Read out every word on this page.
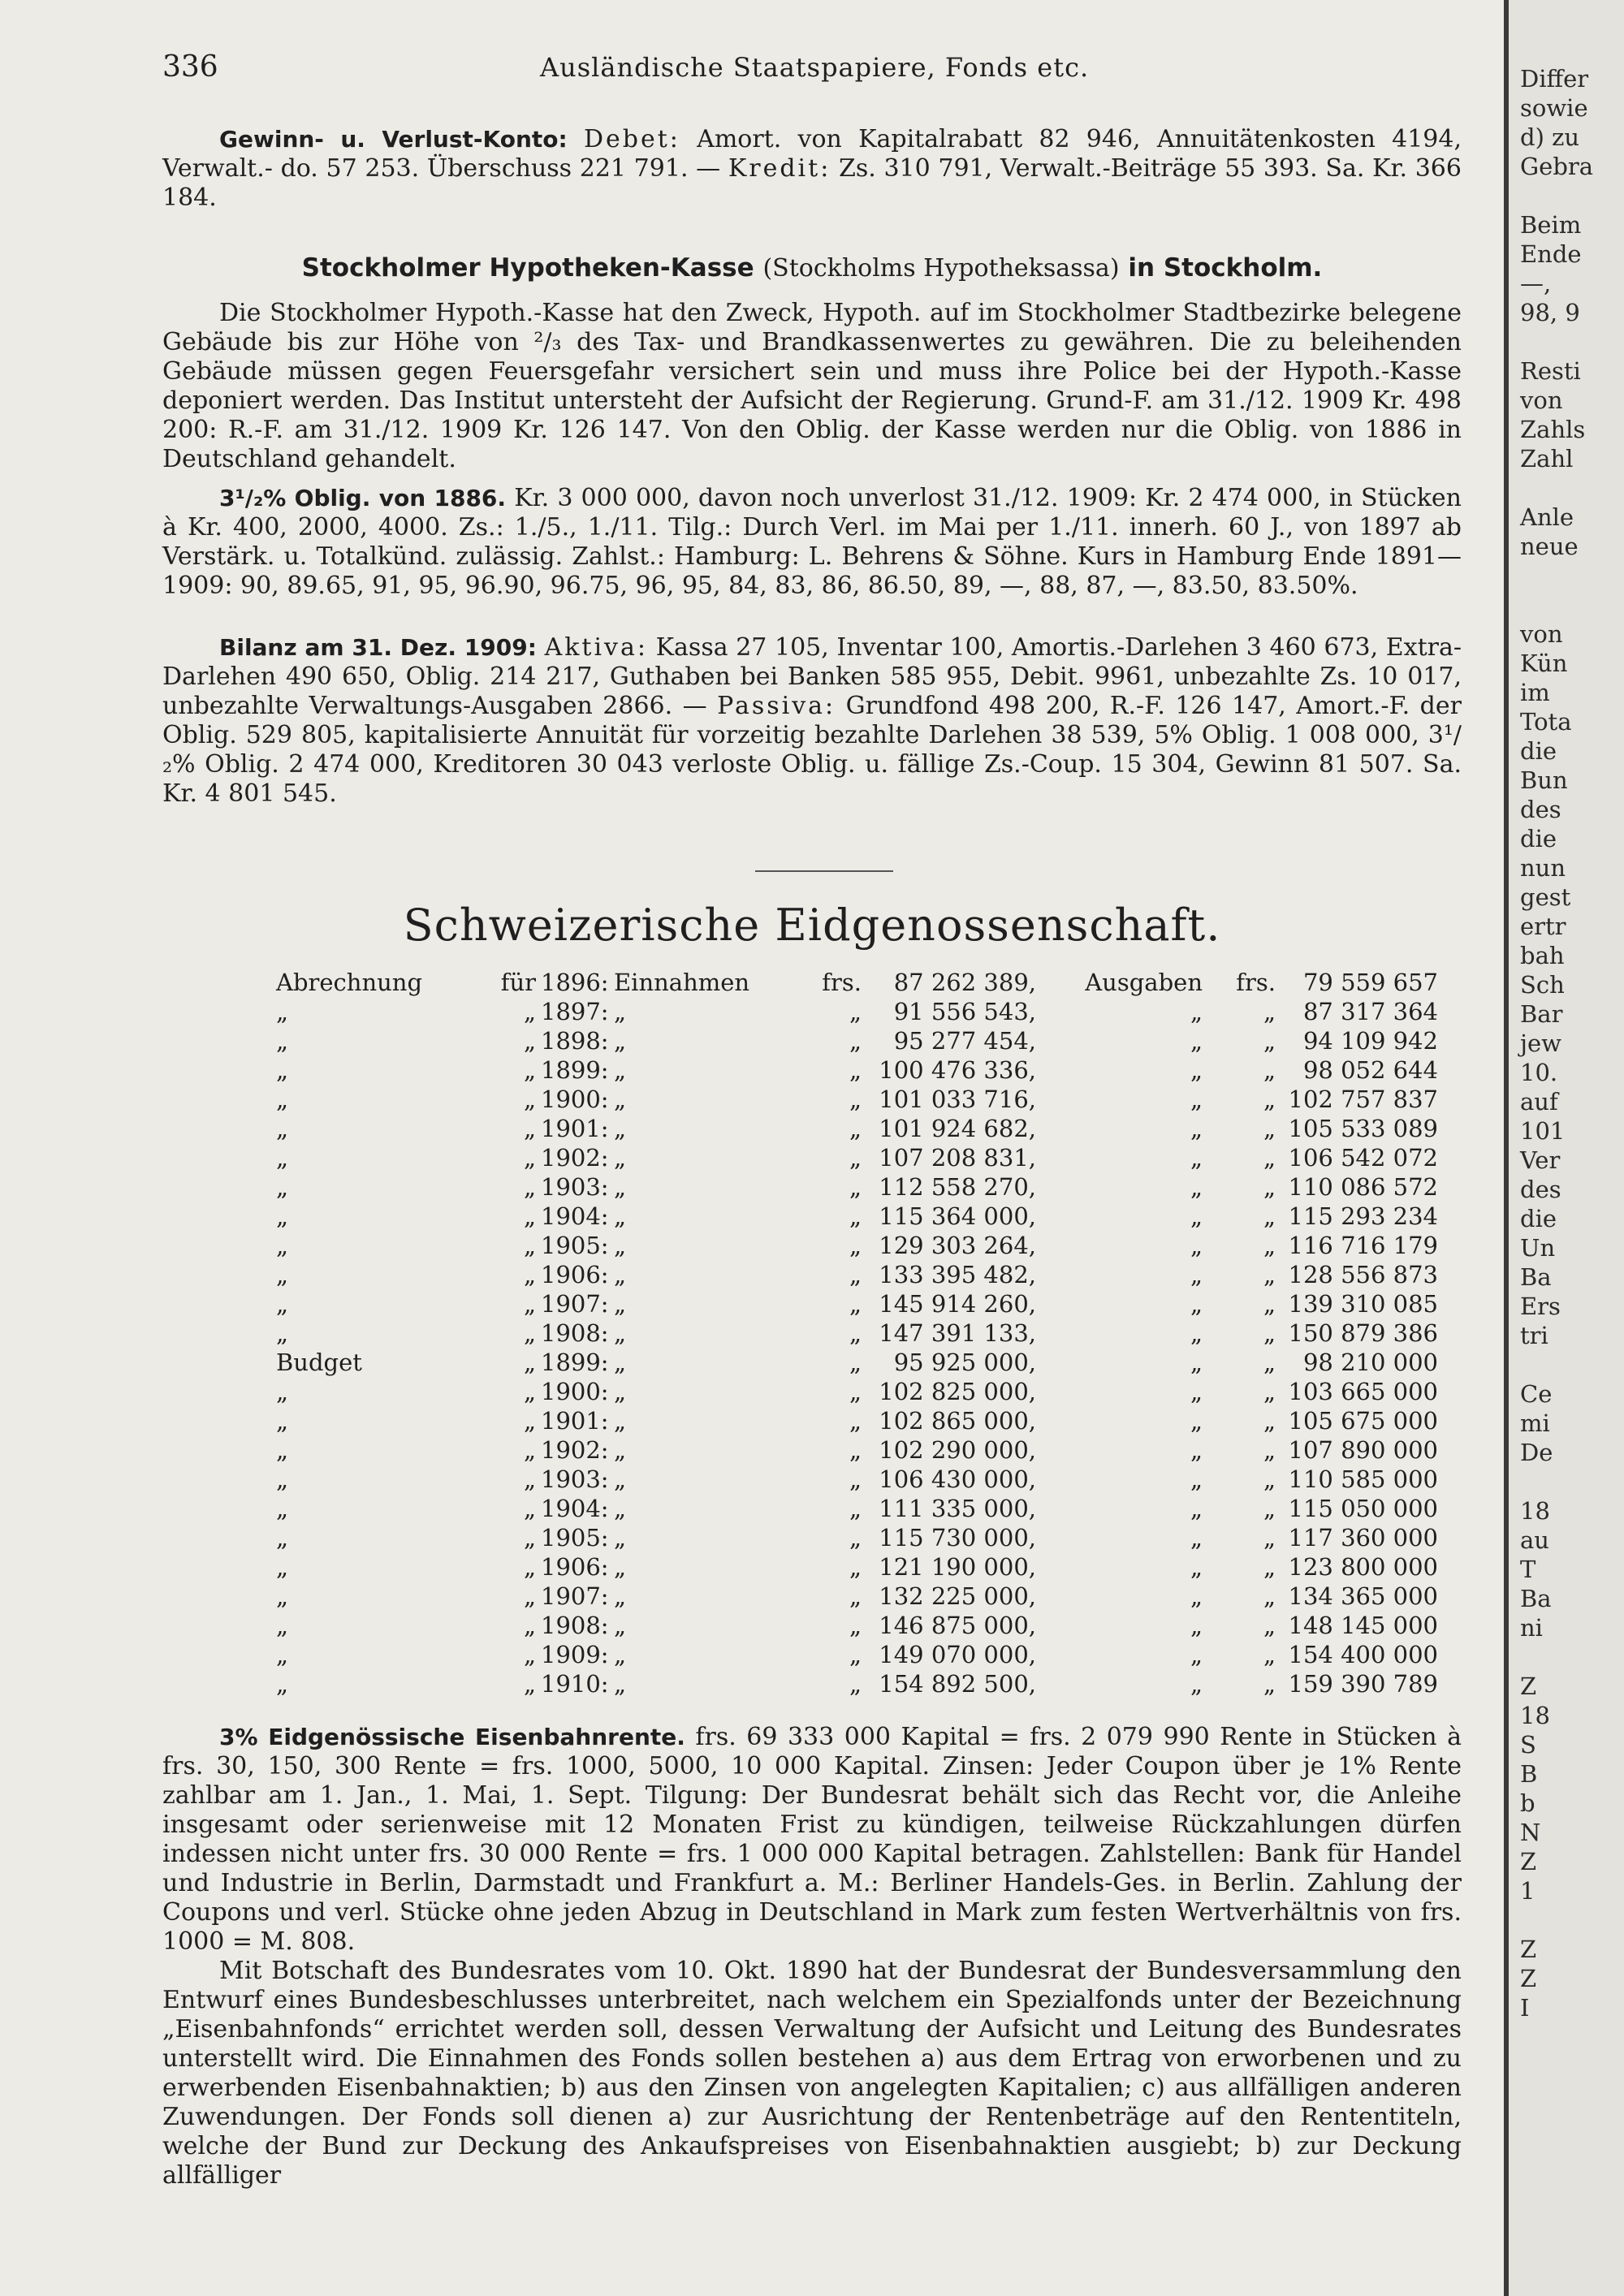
336	Ausländische Staatspapiere, Fonds etc.

Gewinn- u. Verlust-Konto: Debet: Amort. von Kapitalrabatt 82 946, Annuitätenkosten 4194, Verwalt.- do. 57 253. Überschuss 221 791. — Kredit: Zs. 310 791, Verwalt.-Beiträge 55 393. Sa. Kr. 366 184.

Stockholmer Hypotheken-Kasse (Stockholms Hypotheksassa) in Stockholm.

Die Stockholmer Hypoth.-Kasse hat den Zweck, Hypoth. auf im Stockholmer Stadtbezirke belegene Gebäude bis zur Höhe von ²/₃ des Tax- und Brandkassenwertes zu gewähren. Die zu beleihenden Gebäude müssen gegen Feuersgefahr versichert sein und muss ihre Police bei der Hypoth.-Kasse deponiert werden. Das Institut untersteht der Aufsicht der Regierung. Grund-F. am 31./12. 1909 Kr. 498 200: R.-F. am 31./12. 1909 Kr. 126 147. Von den Oblig. der Kasse werden nur die Oblig. von 1886 in Deutschland gehandelt.

3¹/₂% Oblig. von 1886. Kr. 3 000 000, davon noch unverlost 31./12. 1909: Kr. 2 474 000, in Stücken à Kr. 400, 2000, 4000. Zs.: 1./5., 1./11. Tilg.: Durch Verl. im Mai per 1./11. innerh. 60 J., von 1897 ab Verstärk. u. Totalkünd. zulässig. Zahlst.: Hamburg: L. Behrens & Söhne. Kurs in Hamburg Ende 1891—1909: 90, 89.65, 91, 95, 96.90, 96.75, 96, 95, 84, 83, 86, 86.50, 89, —, 88, 87, —, 83.50, 83.50%.

Bilanz am 31. Dez. 1909: Aktiva: Kassa 27 105, Inventar 100, Amortis.-Darlehen 3 460 673, Extra-Darlehen 490 650, Oblig. 214 217, Guthaben bei Banken 585 955, Debit. 9961, unbezahlte Zs. 10 017, unbezahlte Verwaltungs-Ausgaben 2866. — Passiva: Grundfond 498 200, R.-F. 126 147, Amort.-F. der Oblig. 529 805, kapitalisierte Annuität für vorzeitig bezahlte Darlehen 38 539, 5% Oblig. 1 008 000, 3¹/₂% Oblig. 2 474 000, Kreditoren 30 043 verloste Oblig. u. fällige Zs.-Coup. 15 304, Gewinn 81 507. Sa. Kr. 4 801 545.

Schweizerische Eidgenossenschaft.
Abrechnung	für	1896:	Einnahmen	frs.	87 262 389,	Ausgaben	frs.	79 559 657
„	„	1897:	„	„	91 556 543,	„	„	87 317 364
„	„	1898:	„	„	95 277 454,	„	„	94 109 942
„	„	1899:	„	„	100 476 336,	„	„	98 052 644
„	„	1900:	„	„	101 033 716,	„	„	102 757 837
„	„	1901:	„	„	101 924 682,	„	„	105 533 089
„	„	1902:	„	„	107 208 831,	„	„	106 542 072
„	„	1903:	„	„	112 558 270,	„	„	110 086 572
„	„	1904:	„	„	115 364 000,	„	„	115 293 234
„	„	1905:	„	„	129 303 264,	„	„	116 716 179
„	„	1906:	„	„	133 395 482,	„	„	128 556 873
„	„	1907:	„	„	145 914 260,	„	„	139 310 085
„	„	1908:	„	„	147 391 133,	„	„	150 879 386
Budget	„	1899:	„	„	95 925 000,	„	„	98 210 000
„	„	1900:	„	„	102 825 000,	„	„	103 665 000
„	„	1901:	„	„	102 865 000,	„	„	105 675 000
„	„	1902:	„	„	102 290 000,	„	„	107 890 000
„	„	1903:	„	„	106 430 000,	„	„	110 585 000
„	„	1904:	„	„	111 335 000,	„	„	115 050 000
„	„	1905:	„	„	115 730 000,	„	„	117 360 000
„	„	1906:	„	„	121 190 000,	„	„	123 800 000
„	„	1907:	„	„	132 225 000,	„	„	134 365 000
„	„	1908:	„	„	146 875 000,	„	„	148 145 000
„	„	1909:	„	„	149 070 000,	„	„	154 400 000
„	„	1910:	„	„	154 892 500,	„	„	159 390 789

3% Eidgenössische Eisenbahnrente. frs. 69 333 000 Kapital = frs. 2 079 990 Rente in Stücken à frs. 30, 150, 300 Rente = frs. 1000, 5000, 10 000 Kapital. Zinsen: Jeder Coupon über je 1% Rente zahlbar am 1. Jan., 1. Mai, 1. Sept. Tilgung: Der Bundesrat behält sich das Recht vor, die Anleihe insgesamt oder serienweise mit 12 Monaten Frist zu kündigen, teilweise Rückzahlungen dürfen indessen nicht unter frs. 30 000 Rente = frs. 1 000 000 Kapital betragen. Zahlstellen: Bank für Handel und Industrie in Berlin, Darmstadt und Frankfurt a. M.: Berliner Handels-Ges. in Berlin. Zahlung der Coupons und verl. Stücke ohne jeden Abzug in Deutschland in Mark zum festen Wertverhältnis von frs. 1000 = M. 808.

Mit Botschaft des Bundesrates vom 10. Okt. 1890 hat der Bundesrat der Bundesversammlung den Entwurf eines Bundesbeschlusses unterbreitet, nach welchem ein Spezialfonds unter der Bezeichnung „Eisenbahnfonds“ errichtet werden soll, dessen Verwaltung der Aufsicht und Leitung des Bundesrates unterstellt wird. Die Einnahmen des Fonds sollen bestehen a) aus dem Ertrag von erworbenen und zu erwerbenden Eisenbahnaktien; b) aus den Zinsen von angelegten Kapitalien; c) aus allfälligen anderen Zuwendungen. Der Fonds soll dienen a) zur Ausrichtung der Rentenbeträge auf den Rententiteln, welche der Bund zur Deckung des Ankaufspreises von Eisenbahnaktien ausgiebt; b) zur Deckung allfälliger

Differ
sowie
d) zu
Gebra
Beim
Ende
—,
98, 9
Resti
von
Zahls
Zahl
Anle
neue
von
Kün
im
Tota
die
Bun
des
die
nun
gest
ertr
bah
Sch
Bar
jew
10.
auf
101
Ver
des
die
Un
Ba
Ers
tri
Ce
mi
De
18
au
T
Ba
ni
Z
18
S
B
b
N
Z
1
Z
Z
I
